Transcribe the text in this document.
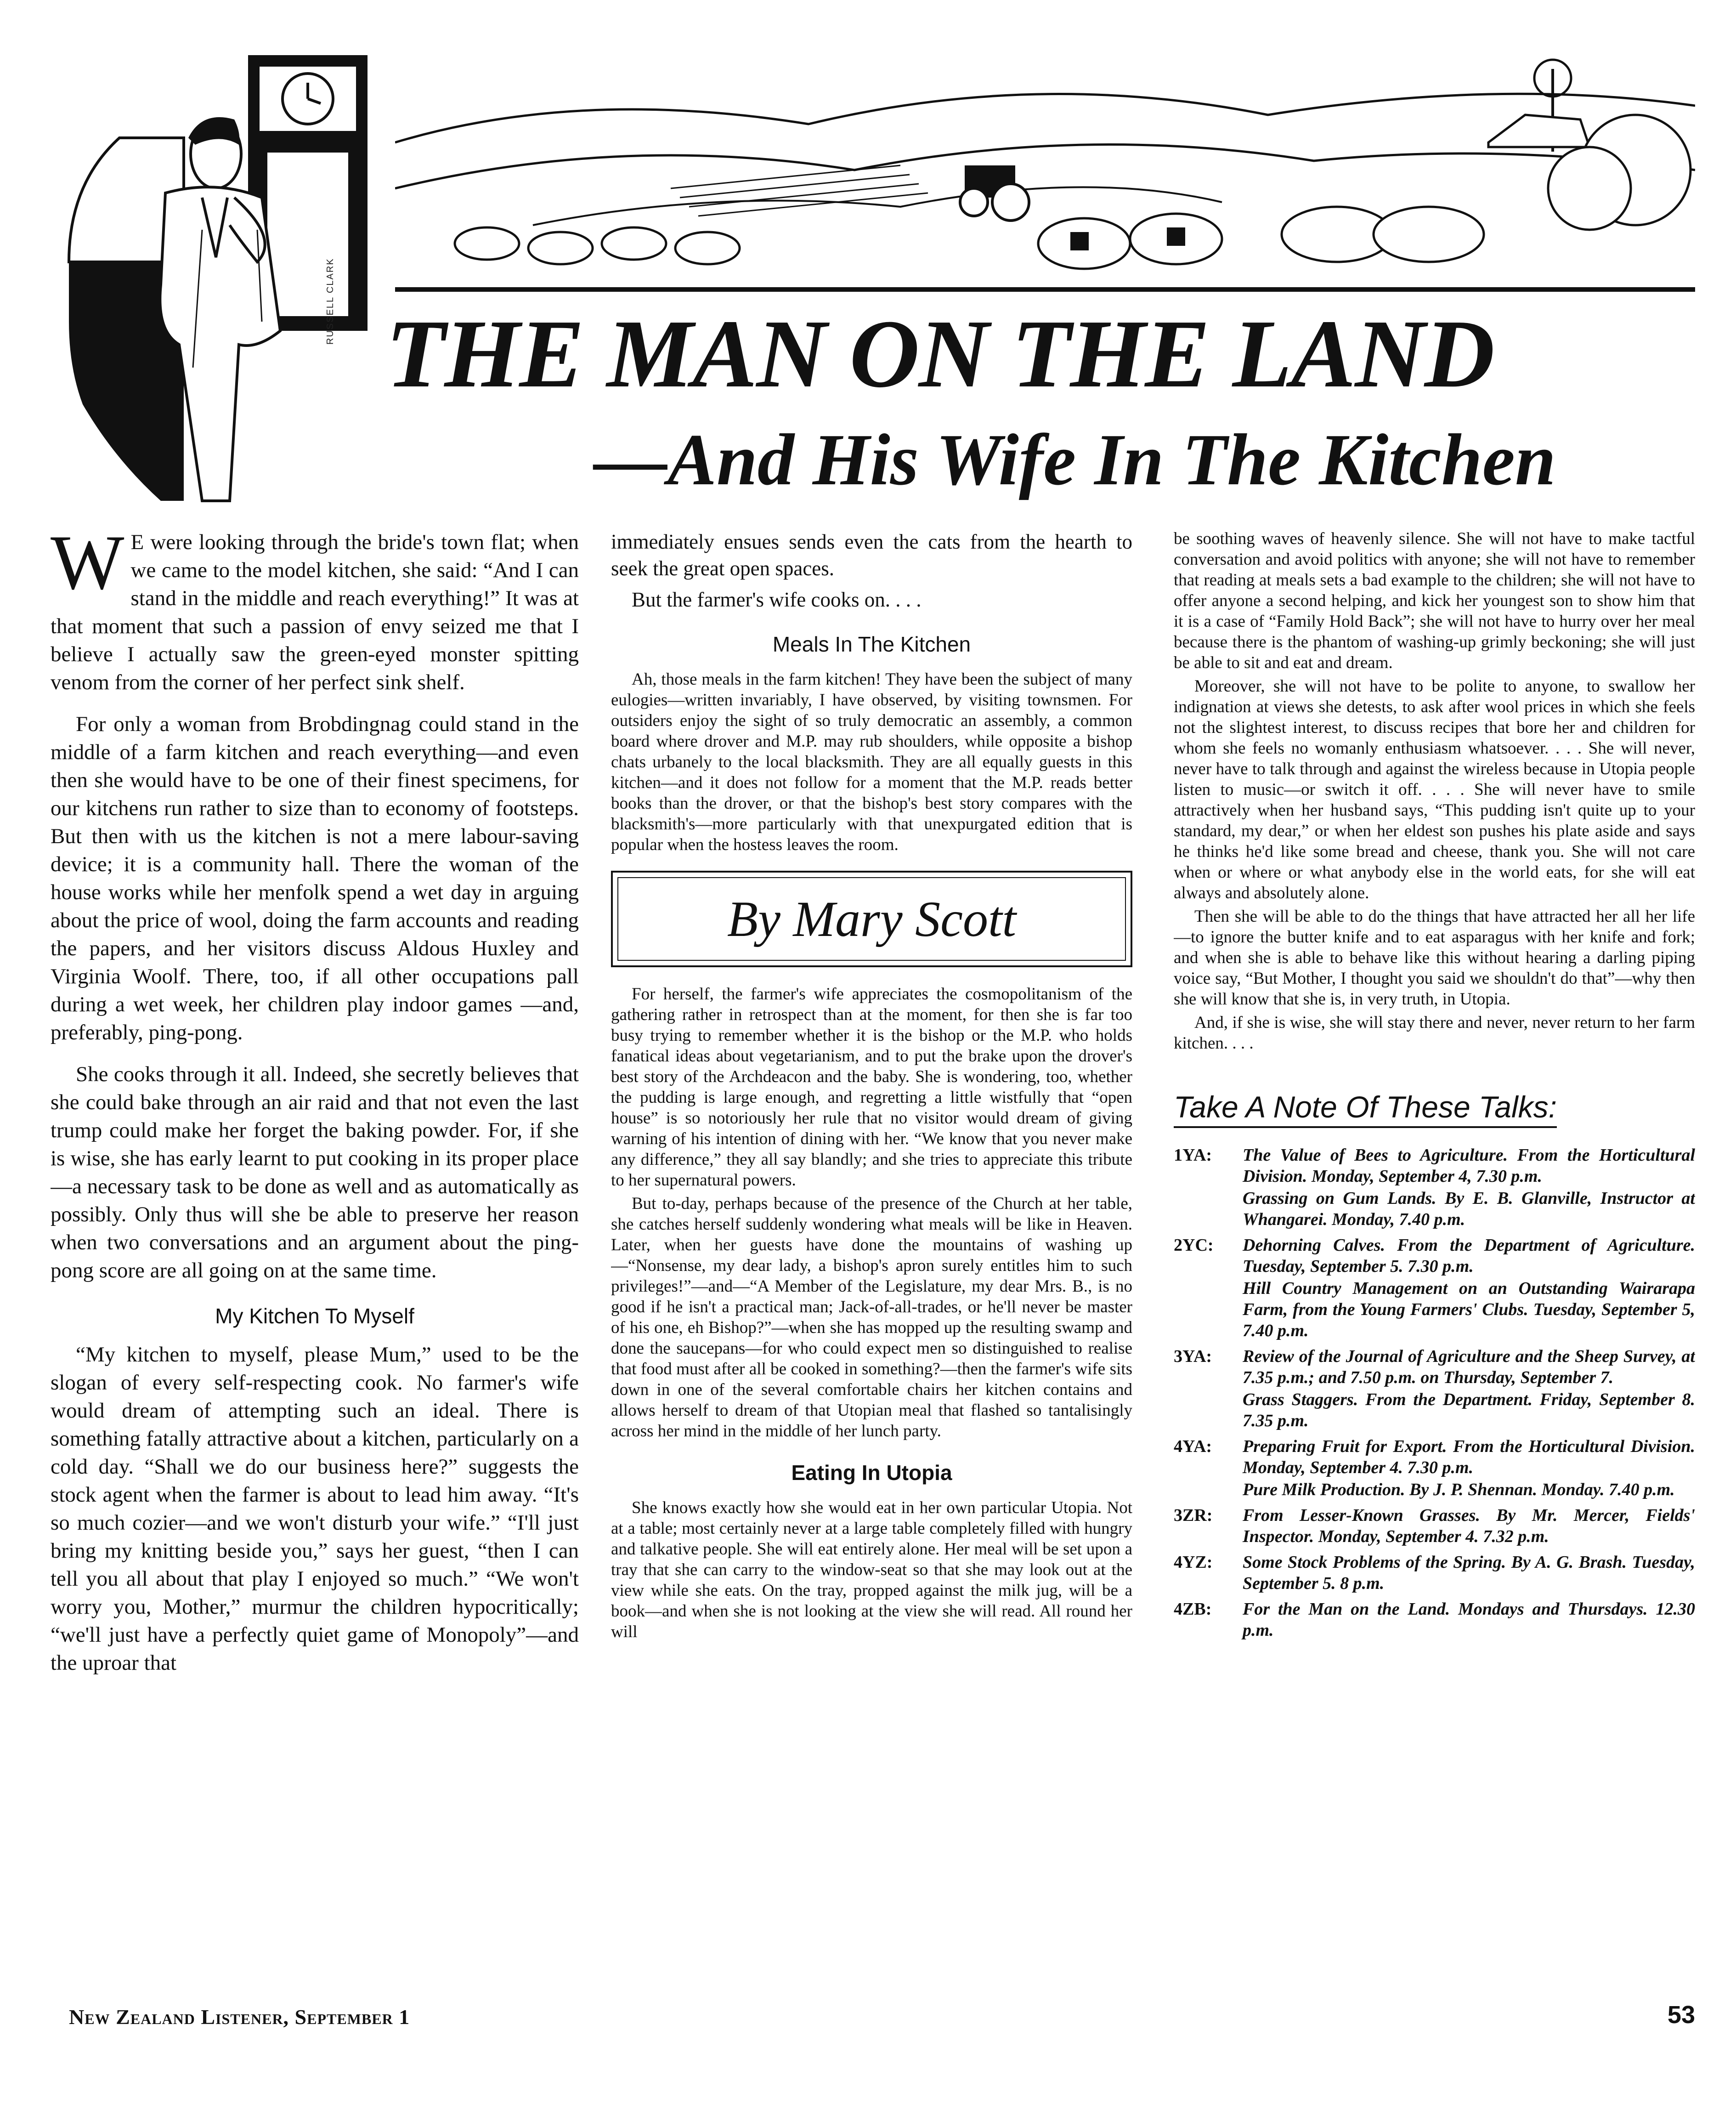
RUSSELL CLARK THE MAN ON THE LAND
—And His Wife In The Kitchen

W E were looking through the bride's town flat; when we came to the model kitchen, she said: “And I can stand in the middle and reach everything!” It was at that moment that such a passion of envy seized me that I believe I actually saw the green-eyed monster spitting venom from the corner of her perfect sink shelf.

For only a woman from Brobdingnag could stand in the middle of a farm kitchen and reach everything—and even then she would have to be one of their finest specimens, for our kitchens run rather to size than to economy of footsteps. But then with us the kitchen is not a mere labour-saving device; it is a community hall. There the woman of the house works while her menfolk spend a wet day in arguing about the price of wool, doing the farm accounts and reading the papers, and her visitors discuss Aldous Huxley and Virginia Woolf. There, too, if all other occupations pall during a wet week, her children play indoor games —and, preferably, ping-pong.

She cooks through it all. Indeed, she secretly believes that she could bake through an air raid and that not even the last trump could make her forget the baking powder. For, if she is wise, she has early learnt to put cooking in its proper place—a necessary task to be done as well and as automatically as possibly. Only thus will she be able to preserve her reason when two conversations and an argument about the ping-pong score are all going on at the same time.

My Kitchen To Myself

“My kitchen to myself, please Mum,” used to be the slogan of every self-respecting cook. No farmer's wife would dream of attempting such an ideal. There is something fatally attractive about a kitchen, particularly on a cold day. “Shall we do our business here?” suggests the stock agent when the farmer is about to lead him away. “It's so much cozier—and we won't disturb your wife.” “I'll just bring my knitting beside you,” says her guest, “then I can tell you all about that play I enjoyed so much.” “We won't worry you, Mother,” murmur the children hypocritically; “we'll just have a perfectly quiet game of Monopoly”—and the uproar that

immediately ensues sends even the cats from the hearth to seek the great open spaces.

But the farmer's wife cooks on. . . .

Meals In The Kitchen

Ah, those meals in the farm kitchen! They have been the subject of many eulogies—written invariably, I have observed, by visiting townsmen. For outsiders enjoy the sight of so truly democratic an assembly, a common board where drover and M.P. may rub shoulders, while opposite a bishop chats urbanely to the local blacksmith. They are all equally guests in this kitchen—and it does not follow for a moment that the M.P. reads better books than the drover, or that the bishop's best story compares with the blacksmith's—more particularly with that unexpurgated edition that is popular when the hostess leaves the room.

By Mary Scott

For herself, the farmer's wife appreciates the cosmopolitanism of the gathering rather in retrospect than at the moment, for then she is far too busy trying to remember whether it is the bishop or the M.P. who holds fanatical ideas about vegetarianism, and to put the brake upon the drover's best story of the Archdeacon and the baby. She is wondering, too, whether the pudding is large enough, and regretting a little wistfully that “open house” is so notoriously her rule that no visitor would dream of giving warning of his intention of dining with her. “We know that you never make any difference,” they all say blandly; and she tries to appreciate this tribute to her supernatural powers.

But to-day, perhaps because of the presence of the Church at her table, she catches herself suddenly wondering what meals will be like in Heaven. Later, when her guests have done the mountains of washing up—“Nonsense, my dear lady, a bishop's apron surely entitles him to such privileges!”—and—“A Member of the Legislature, my dear Mrs. B., is no good if he isn't a practical man; Jack-of-all-trades, or he'll never be master of his one, eh Bishop?”—when she has mopped up the resulting swamp and done the saucepans—for who could expect men so distinguished to realise that food must after all be cooked in something?—then the farmer's wife sits down in one of the several comfortable chairs her kitchen contains and allows herself to dream of that Utopian meal that flashed so tantalisingly across her mind in the middle of her lunch party.

Eating In Utopia

She knows exactly how she would eat in her own particular Utopia. Not at a table; most certainly never at a large table completely filled with hungry and talkative people. She will eat entirely alone. Her meal will be set upon a tray that she can carry to the window-seat so that she may look out at the view while she eats. On the tray, propped against the milk jug, will be a book—and when she is not looking at the view she will read. All round her will

be soothing waves of heavenly silence. She will not have to make tactful conversation and avoid politics with anyone; she will not have to remember that reading at meals sets a bad example to the children; she will not have to offer anyone a second helping, and kick her youngest son to show him that it is a case of “Family Hold Back”; she will not have to hurry over her meal because there is the phantom of washing-up grimly beckoning; she will just be able to sit and eat and dream.

Moreover, she will not have to be polite to anyone, to swallow her indignation at views she detests, to ask after wool prices in which she feels not the slightest interest, to discuss recipes that bore her and children for whom she feels no womanly enthusiasm whatsoever. . . . She will never, never have to talk through and against the wireless because in Utopia people listen to music—or switch it off. . . . She will never have to smile attractively when her husband says, “This pudding isn't quite up to your standard, my dear,” or when her eldest son pushes his plate aside and says he thinks he'd like some bread and cheese, thank you. She will not care when or where or what anybody else in the world eats, for she will eat always and absolutely alone.

Then she will be able to do the things that have attracted her all her life—to ignore the butter knife and to eat asparagus with her knife and fork; and when she is able to behave like this without hearing a darling piping voice say, “But Mother, I thought you said we shouldn't do that”—why then she will know that she is, in very truth, in Utopia.

And, if she is wise, she will stay there and never, never return to her farm kitchen. . . .

Take A Note Of These Talks:
1YA:	The Value of Bees to Agriculture. From the Horticultural Division. Monday, September 4, 7.30 p.m.
Grassing on Gum Lands. By E. B. Glanville, Instructor at Whangarei. Monday, 7.40 p.m.
2YC:	Dehorning Calves. From the Department of Agriculture. Tuesday, September 5. 7.30 p.m.
Hill Country Management on an Outstanding Wairarapa Farm, from the Young Farmers' Clubs. Tuesday, September 5, 7.40 p.m.
3YA:	Review of the Journal of Agriculture and the Sheep Survey, at 7.35 p.m.; and 7.50 p.m. on Thursday, September 7.
Grass Staggers. From the Department. Friday, September 8. 7.35 p.m.
4YA:	Preparing Fruit for Export. From the Horticultural Division. Monday, September 4. 7.30 p.m.
Pure Milk Production. By J. P. Shennan. Monday. 7.40 p.m.
3ZR:	From Lesser-Known Grasses. By Mr. Mercer, Fields' Inspector. Monday, September 4. 7.32 p.m.
4YZ:	Some Stock Problems of the Spring. By A. G. Brash. Tuesday, September 5. 8 p.m.
4ZB:	For the Man on the Land. Mondays and Thursdays. 12.30 p.m.
New Zealand Listener, September 1	53
